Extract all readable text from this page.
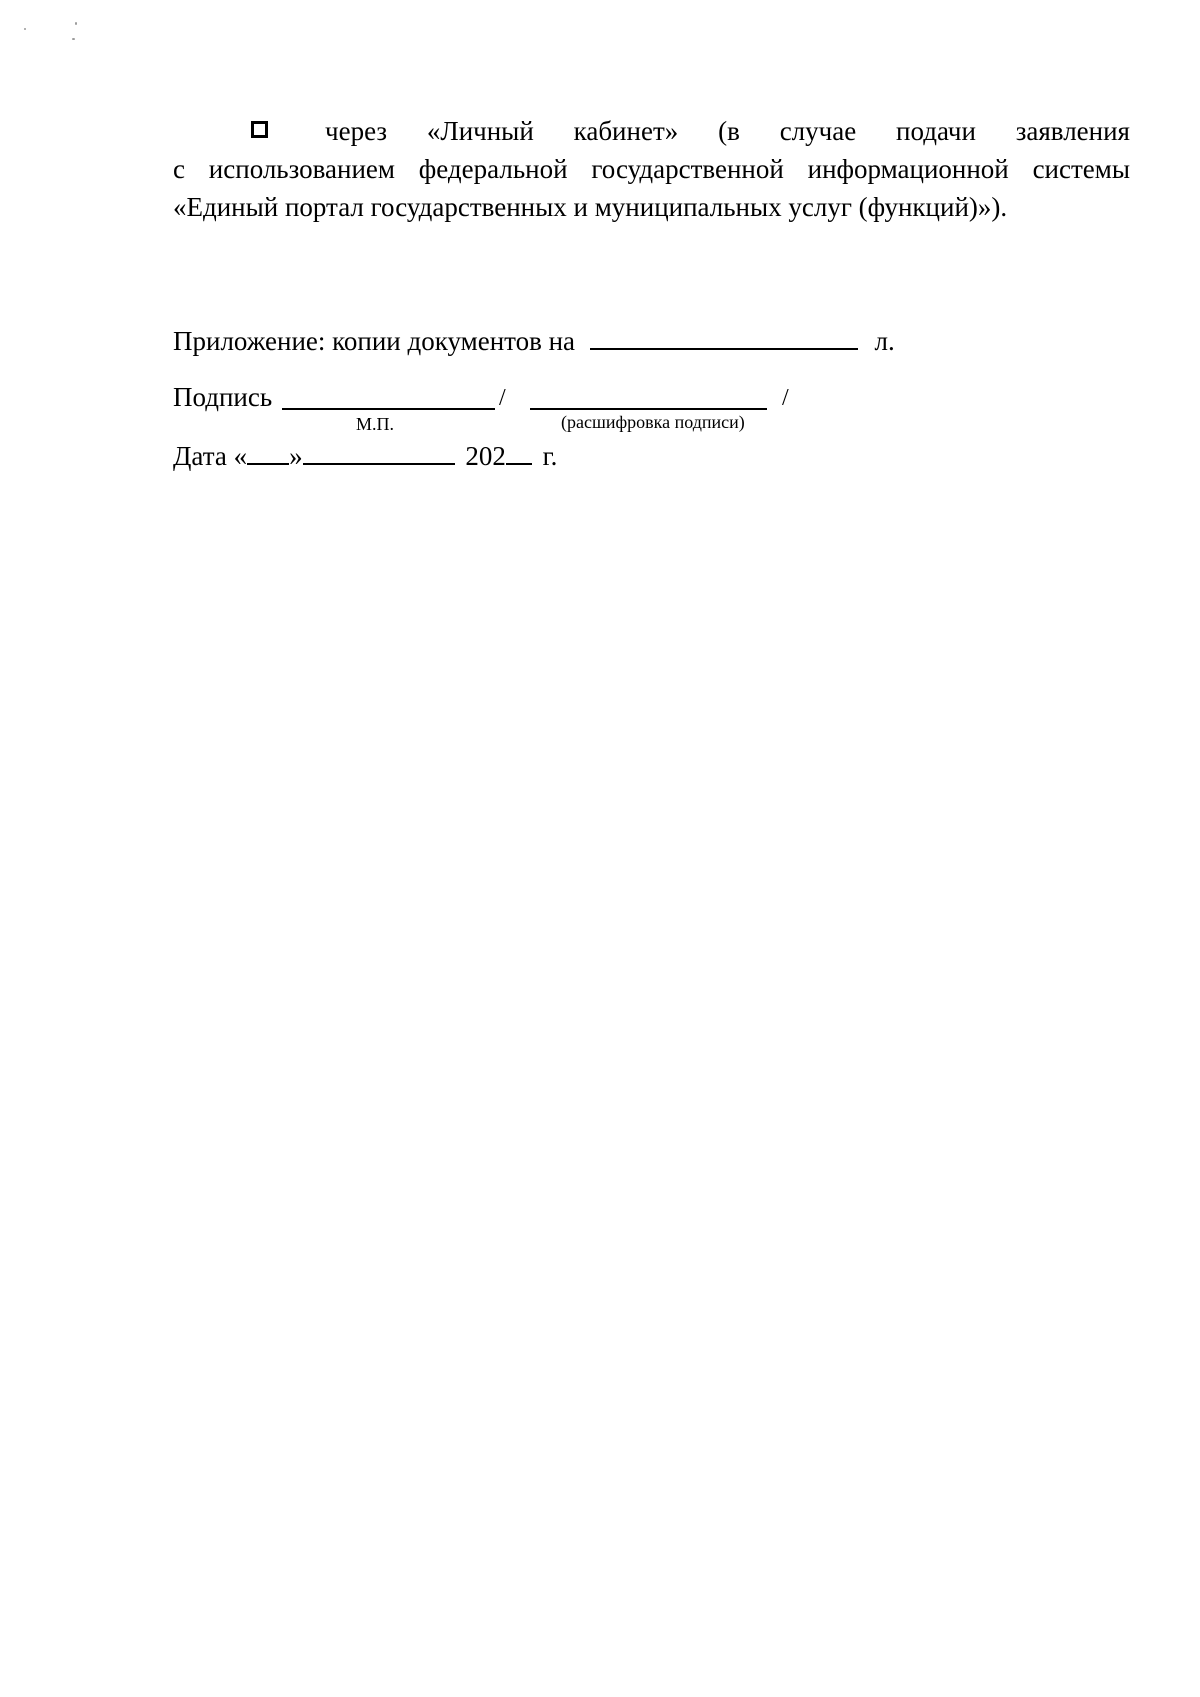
через «Личный кабинет» (в случае подачи заявления
с использованием федеральной государственной информационной системы
«Единый портал государственных и муниципальных услуг (функций)»).
Приложение: копии документов на	л.
Подпись	/	/
М.П.	(расшифровка подписи)
Дата « »	202 г.
